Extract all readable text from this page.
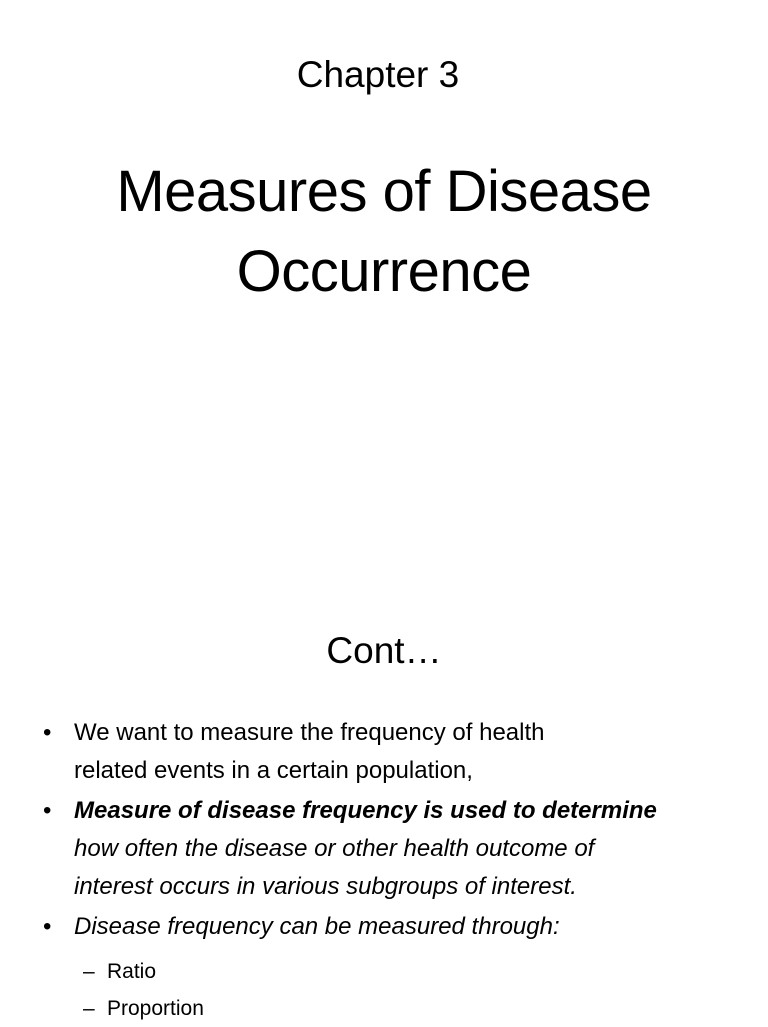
Chapter 3
Measures of Disease
Occurrence
Cont…
• We want to measure the frequency of health
related events in a certain population,
• Measure of disease frequency is used to determine
how often the disease or other health outcome of
interest occurs in various subgroups of interest.
• Disease frequency can be measured through:
– Ratio
– Proportion
